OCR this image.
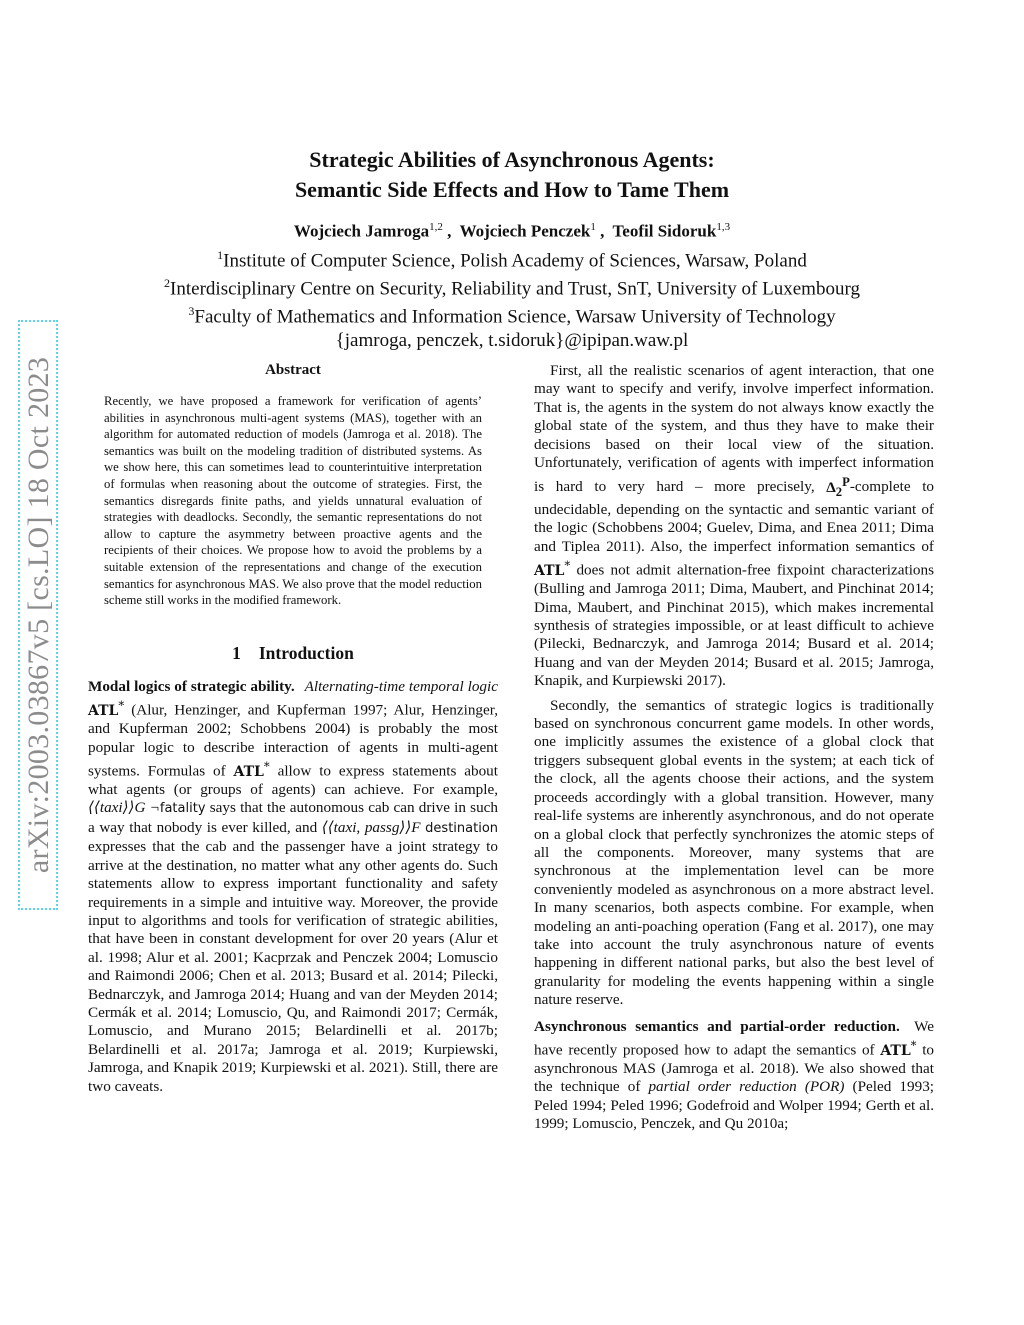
arXiv:2003.03867v5 [cs.LO] 18 Oct 2023
Strategic Abilities of Asynchronous Agents:
Semantic Side Effects and How to Tame Them
Wojciech Jamroga$^{1,2}$ ,  Wojciech Penczek$^1$ ,  Teofil Sidoruk$^{1,3}$
$^1$Institute of Computer Science, Polish Academy of Sciences, Warsaw, Poland
$^2$Interdisciplinary Centre on Security, Reliability and Trust, SnT, University of Luxembourg
$^3$Faculty of Mathematics and Information Science, Warsaw University of Technology
{jamroga, penczek, t.sidoruk}@ipipan.waw.pl
Abstract

Recently, we have proposed a framework for verification of agents’ abilities in asynchronous multi-agent systems (MAS), together with an algorithm for automated reduction of models (Jamroga et al. 2018). The semantics was built on the modeling tradition of distributed systems. As we show here, this can sometimes lead to counterintuitive interpretation of formulas when reasoning about the outcome of strategies. First, the semantics disregards finite paths, and yields unnatural evaluation of strategies with deadlocks. Secondly, the semantic representations do not allow to capture the asymmetry between proactive agents and the recipients of their choices. We propose how to avoid the problems by a suitable extension of the representations and change of the execution semantics for asynchronous MAS. We also prove that the model reduction scheme still works in the modified framework.

1 Introduction

Modal logics of strategic ability. Alternating-time temporal logic ATL* (Alur, Henzinger, and Kupferman 1997; Alur, Henzinger, and Kupferman 2002; Schobbens 2004) is probably the most popular logic to describe interaction of agents in multi-agent systems. Formulas of ATL* allow to express statements about what agents (or groups of agents) can achieve. For example, ⟨⟨taxi⟩⟩G ¬fatality says that the autonomous cab can drive in such a way that nobody is ever killed, and ⟨⟨taxi, passg⟩⟩F destination expresses that the cab and the passenger have a joint strategy to arrive at the destination, no matter what any other agents do. Such statements allow to express important functionality and safety requirements in a simple and intuitive way. Moreover, the provide input to algorithms and tools for verification of strategic abilities, that have been in constant development for over 20 years (Alur et al. 1998; Alur et al. 2001; Kacprzak and Penczek 2004; Lomuscio and Raimondi 2006; Chen et al. 2013; Busard et al. 2014; Pilecki, Bednarczyk, and Jamroga 2014; Huang and van der Meyden 2014; Cermák et al. 2014; Lomuscio, Qu, and Raimondi 2017; Cermák, Lomuscio, and Murano 2015; Belardinelli et al. 2017b; Belardinelli et al. 2017a; Jamroga et al. 2019; Kurpiewski, Jamroga, and Knapik 2019; Kurpiewski et al. 2021). Still, there are two caveats.

First, all the realistic scenarios of agent interaction, that one may want to specify and verify, involve imperfect information. That is, the agents in the system do not always know exactly the global state of the system, and thus they have to make their decisions based on their local view of the situation. Unfortunately, verification of agents with imperfect information is hard to very hard – more precisely, $\Delta_2^P$-complete to undecidable, depending on the syntactic and semantic variant of the logic (Schobbens 2004; Guelev, Dima, and Enea 2011; Dima and Tiplea 2011). Also, the imperfect information semantics of ATL* does not admit alternation-free fixpoint characterizations (Bulling and Jamroga 2011; Dima, Maubert, and Pinchinat 2014; Dima, Maubert, and Pinchinat 2015), which makes incremental synthesis of strategies impossible, or at least difficult to achieve (Pilecki, Bednarczyk, and Jamroga 2014; Busard et al. 2014; Huang and van der Meyden 2014; Busard et al. 2015; Jamroga, Knapik, and Kurpiewski 2017).

Secondly, the semantics of strategic logics is traditionally based on synchronous concurrent game models. In other words, one implicitly assumes the existence of a global clock that triggers subsequent global events in the system; at each tick of the clock, all the agents choose their actions, and the system proceeds accordingly with a global transition. However, many real-life systems are inherently asynchronous, and do not operate on a global clock that perfectly synchronizes the atomic steps of all the components. Moreover, many systems that are synchronous at the implementation level can be more conveniently modeled as asynchronous on a more abstract level. In many scenarios, both aspects combine. For example, when modeling an anti-poaching operation (Fang et al. 2017), one may take into account the truly asynchronous nature of events happening in different national parks, but also the best level of granularity for modeling the events happening within a single nature reserve.

Asynchronous semantics and partial-order reduction. We have recently proposed how to adapt the semantics of ATL* to asynchronous MAS (Jamroga et al. 2018). We also showed that the technique of partial order reduction (POR) (Peled 1993; Peled 1994; Peled 1996; Godefroid and Wolper 1994; Gerth et al. 1999; Lomuscio, Penczek, and Qu 2010a;
